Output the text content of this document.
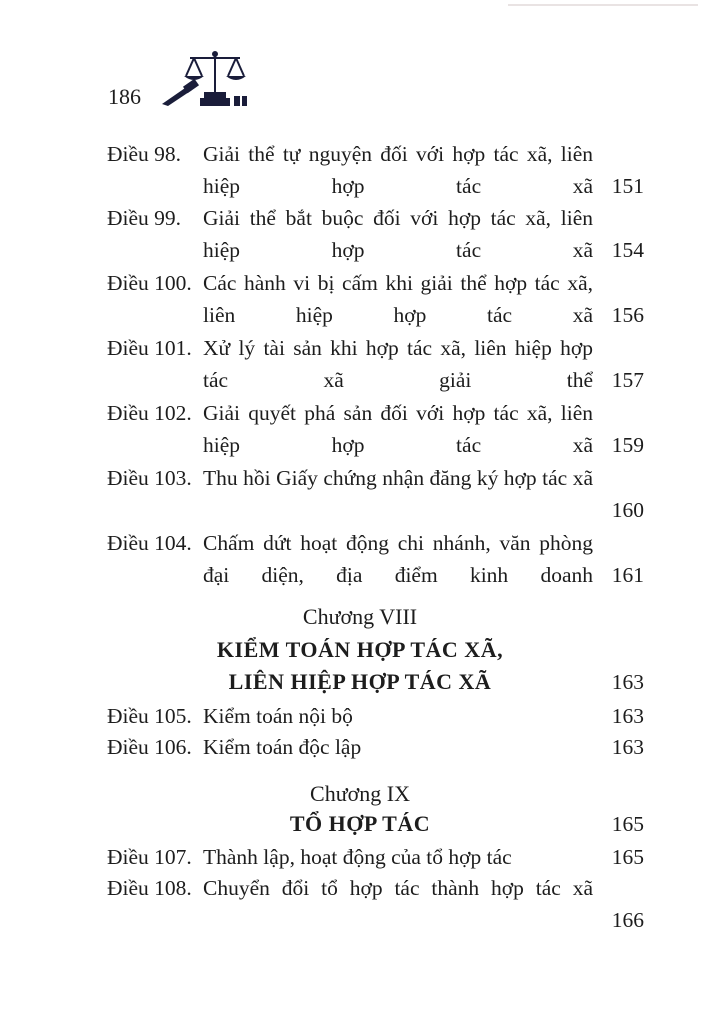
186
Điều 98. Giải thể tự nguyện đối với hợp tác xã, liên hiệp hợp tác xã 151
Điều 99. Giải thể bắt buộc đối với hợp tác xã, liên hiệp hợp tác xã 154
Điều 100. Các hành vi bị cấm khi giải thể hợp tác xã, liên hiệp hợp tác xã 156
Điều 101. Xử lý tài sản khi hợp tác xã, liên hiệp hợp tác xã giải thể 157
Điều 102. Giải quyết phá sản đối với hợp tác xã, liên hiệp hợp tác xã 159
Điều 103. Thu hồi Giấy chứng nhận đăng ký hợp tác xã
160
Điều 104. Chấm dứt hoạt động chi nhánh, văn phòng đại diện, địa điểm kinh doanh 161
Chương VIII
KIỂM TOÁN HỢP TÁC XÃ,
LIÊN HIỆP HỢP TÁC XÃ	163
Điều 105. Kiểm toán nội bộ	163
Điều 106. Kiểm toán độc lập	163
Chương IX
TỔ HỢP TÁC	165
Điều 107. Thành lập, hoạt động của tổ hợp tác	165
Điều 108. Chuyển đổi tổ hợp tác thành hợp tác xã
166
